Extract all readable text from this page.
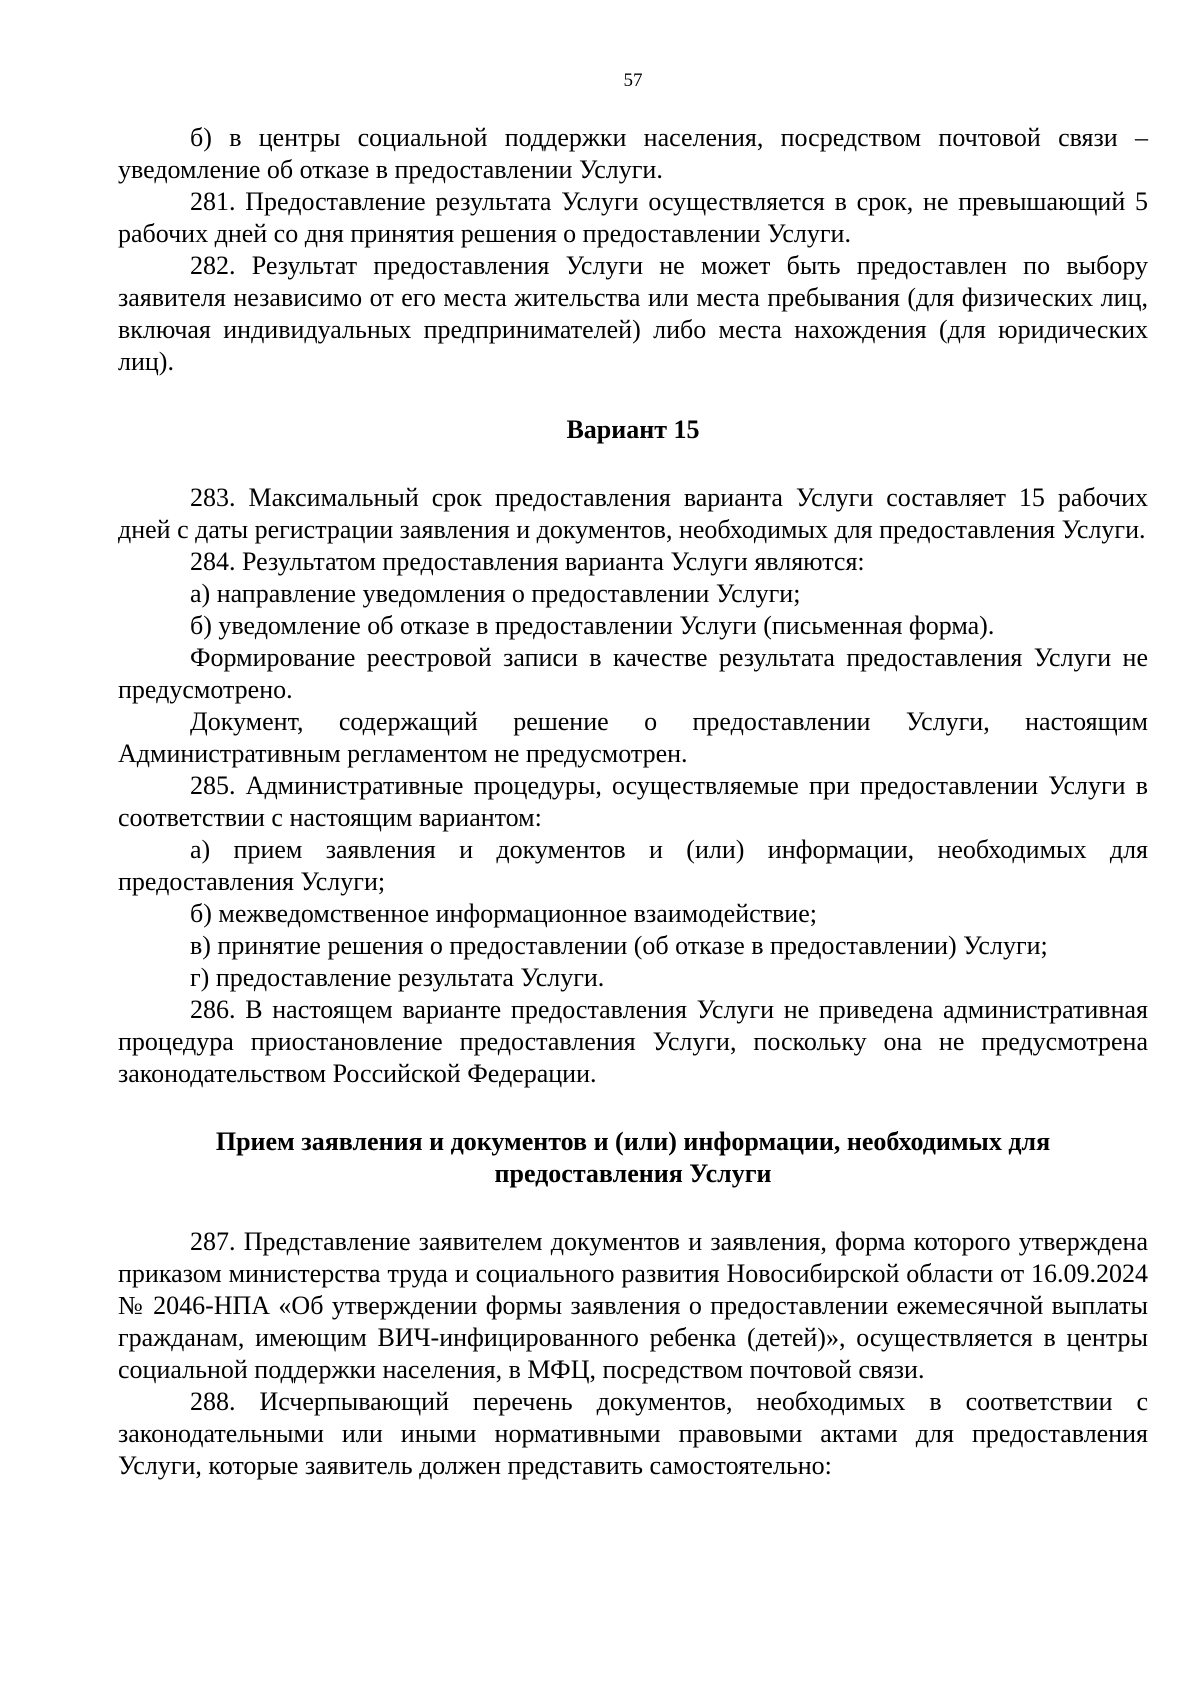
57

б) в центры социальной поддержки населения, посредством почтовой связи – уведомление об отказе в предоставлении Услуги.

281. Предоставление результата Услуги осуществляется в срок, не превышающий 5 рабочих дней со дня принятия решения о предоставлении Услуги.

282. Результат предоставления Услуги не может быть предоставлен по выбору заявителя независимо от его места жительства или места пребывания (для физических лиц, включая индивидуальных предпринимателей) либо места нахождения (для юридических лиц).

Вариант 15

283. Максимальный срок предоставления варианта Услуги составляет 15 рабочих дней с даты регистрации заявления и документов, необходимых для предоставления Услуги.

284. Результатом предоставления варианта Услуги являются:

а) направление уведомления о предоставлении Услуги;

б) уведомление об отказе в предоставлении Услуги (письменная форма).

Формирование реестровой записи в качестве результата предоставления Услуги не предусмотрено.

Документ, содержащий решение о предоставлении Услуги, настоящим Административным регламентом не предусмотрен.

285. Административные процедуры, осуществляемые при предоставлении Услуги в соответствии с настоящим вариантом:

а) прием заявления и документов и (или) информации, необходимых для предоставления Услуги;

б) межведомственное информационное взаимодействие;

в) принятие решения о предоставлении (об отказе в предоставлении) Услуги;

г) предоставление результата Услуги.

286. В настоящем варианте предоставления Услуги не приведена административная процедура приостановление предоставления Услуги, поскольку она не предусмотрена законодательством Российской Федерации.

Прием заявления и документов и (или) информации, необходимых для

предоставления Услуги

287. Представление заявителем документов и заявления, форма которого утверждена приказом министерства труда и социального развития Новосибирской области от 16.09.2024 № 2046-НПА «Об утверждении формы заявления о предоставлении ежемесячной выплаты гражданам, имеющим ВИЧ-инфицированного ребенка (детей)», осуществляется в центры социальной поддержки населения, в МФЦ, посредством почтовой связи.

288. Исчерпывающий перечень документов, необходимых в соответствии с законодательными или иными нормативными правовыми актами для предоставления Услуги, которые заявитель должен представить самостоятельно:
